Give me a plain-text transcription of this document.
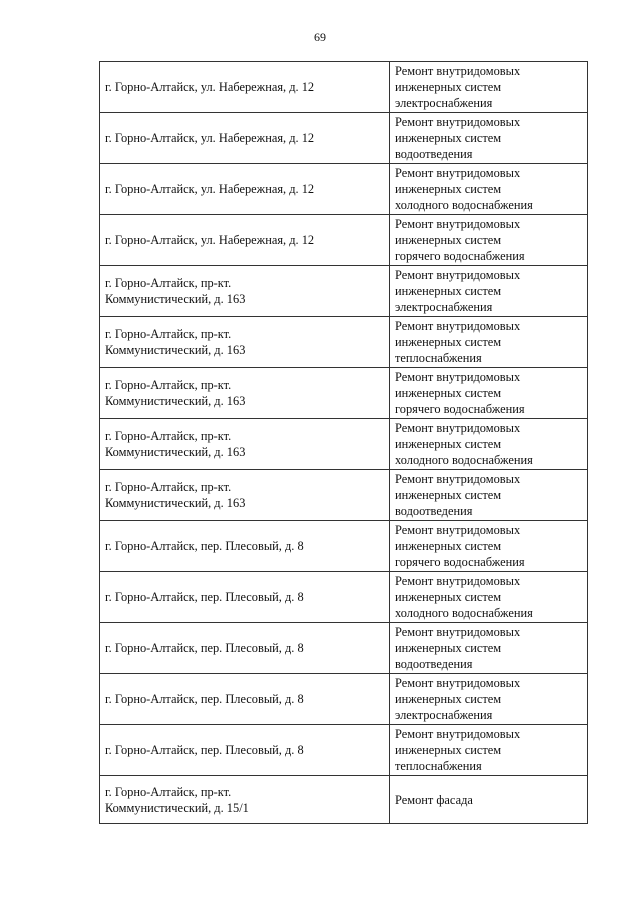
69
г. Горно-Алтайск, ул. Набережная, д. 12	Ремонт внутридомовых
инженерных систем
электроснабжения
г. Горно-Алтайск, ул. Набережная, д. 12	Ремонт внутридомовых
инженерных систем
водоотведения
г. Горно-Алтайск, ул. Набережная, д. 12	Ремонт внутридомовых
инженерных систем
холодного водоснабжения
г. Горно-Алтайск, ул. Набережная, д. 12	Ремонт внутридомовых
инженерных систем
горячего водоснабжения
г. Горно-Алтайск, пр-кт.
Коммунистический, д. 163	Ремонт внутридомовых
инженерных систем
электроснабжения
г. Горно-Алтайск, пр-кт.
Коммунистический, д. 163	Ремонт внутридомовых
инженерных систем
теплоснабжения
г. Горно-Алтайск, пр-кт.
Коммунистический, д. 163	Ремонт внутридомовых
инженерных систем
горячего водоснабжения
г. Горно-Алтайск, пр-кт.
Коммунистический, д. 163	Ремонт внутридомовых
инженерных систем
холодного водоснабжения
г. Горно-Алтайск, пр-кт.
Коммунистический, д. 163	Ремонт внутридомовых
инженерных систем
водоотведения
г. Горно-Алтайск, пер. Плесовый, д. 8	Ремонт внутридомовых
инженерных систем
горячего водоснабжения
г. Горно-Алтайск, пер. Плесовый, д. 8	Ремонт внутридомовых
инженерных систем
холодного водоснабжения
г. Горно-Алтайск, пер. Плесовый, д. 8	Ремонт внутридомовых
инженерных систем
водоотведения
г. Горно-Алтайск, пер. Плесовый, д. 8	Ремонт внутридомовых
инженерных систем
электроснабжения
г. Горно-Алтайск, пер. Плесовый, д. 8	Ремонт внутридомовых
инженерных систем
теплоснабжения
г. Горно-Алтайск, пр-кт.
Коммунистический, д. 15/1	Ремонт фасада
